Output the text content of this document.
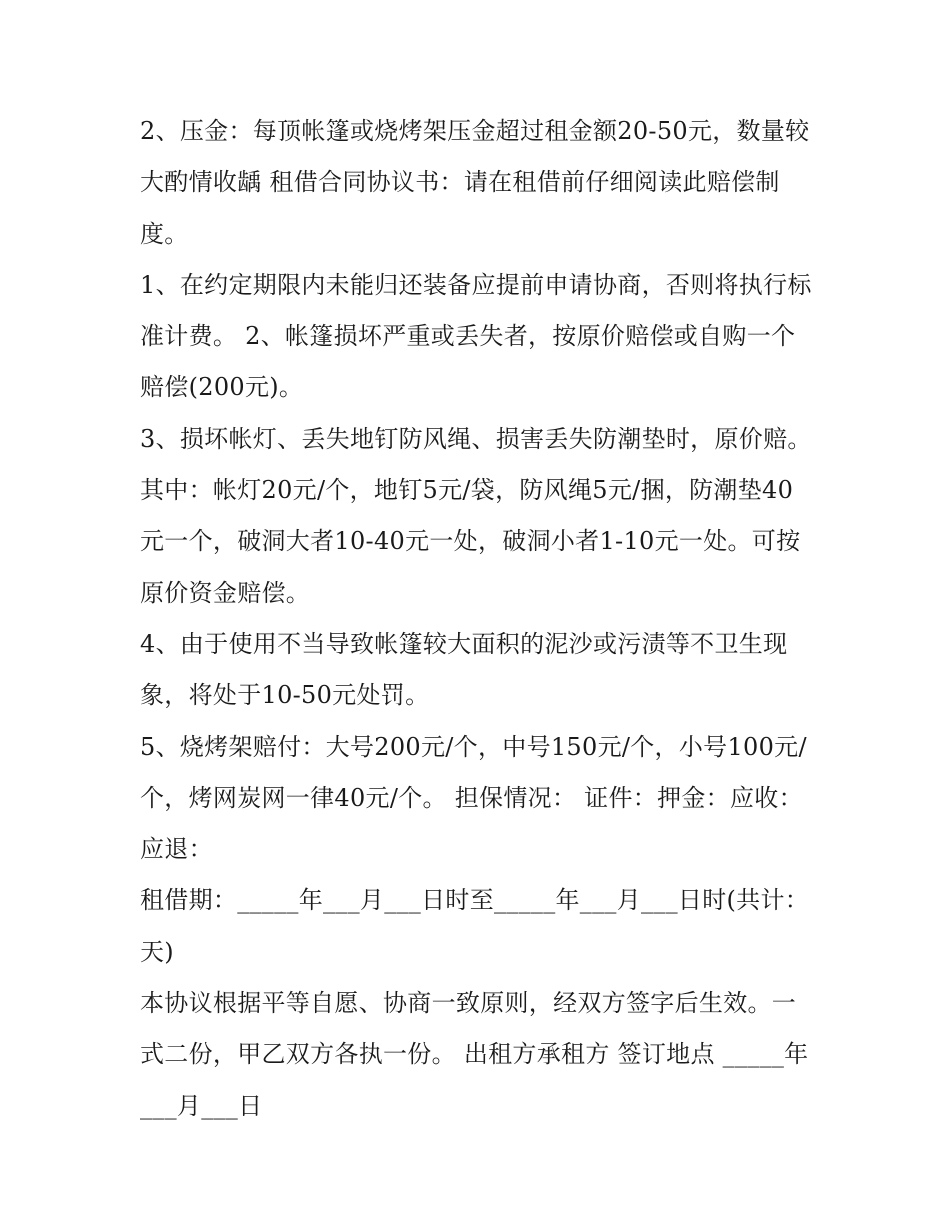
2、压金：每顶帐篷或烧烤架压金超过租金额20-50元，数量较大酌情收龋 租借合同协议书：请在租借前仔细阅读此赔偿制度。

1、在约定期限内未能归还装备应提前申请协商，否则将执行标准计费。 2、帐篷损坏严重或丢失者，按原价赔偿或自购一个赔偿(200元)。

3、损坏帐灯、丢失地钉防风绳、损害丢失防潮垫时，原价赔。其中：帐灯20元/个，地钉5元/袋，防风绳5元/捆，防潮垫40元一个，破洞大者10-40元一处，破洞小者1-10元一处。可按原价资金赔偿。

4、由于使用不当导致帐篷较大面积的泥沙或污渍等不卫生现象，将处于10-50元处罚。

5、烧烤架赔付：大号200元/个，中号150元/个，小号100元/个，烤网炭网一律40元/个。 担保情况： 证件：押金：应收：应退：

租借期：_____年___月___日时至_____年___月___日时(共计：天)

本协议根据平等自愿、协商一致原则，经双方签字后生效。一式二份，甲乙双方各执一份。 出租方承租方 签订地点 _____年___月___日
